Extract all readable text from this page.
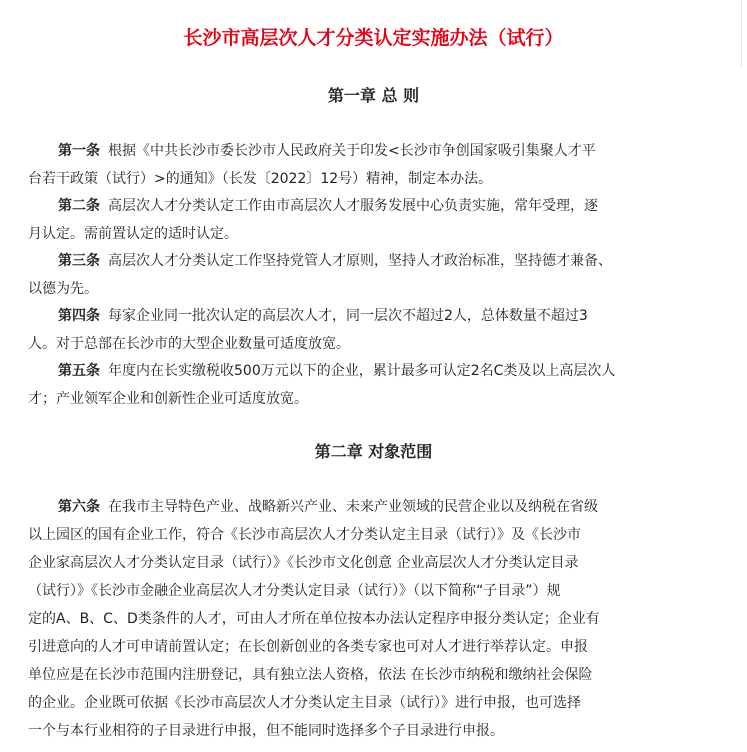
长沙市高层次人才分类认定实施办法（试行）
第一章 总 则
第二章 对象范围
第一条 根据《中共长沙市委长沙市人民政府关于印发<长沙市争创国家吸引集聚人才平
台若干政策（试行）>的通知》（长发〔2022〕12号）精神，制定本办法。
第二条 高层次人才分类认定工作由市高层次人才服务发展中心负责实施，常年受理，逐
月认定。需前置认定的适时认定。
第三条 高层次人才分类认定工作坚持党管人才原则，坚持人才政治标准，坚持德才兼备、
以德为先。
第四条 每家企业同一批次认定的高层次人才，同一层次不超过2人，总体数量不超过3
人。对于总部在长沙市的大型企业数量可适度放宽。
第五条 年度内在长实缴税收500万元以下的企业，累计最多可认定2名C类及以上高层次人
才；产业领军企业和创新性企业可适度放宽。
第六条 在我市主导特色产业、战略新兴产业、未来产业领域的民营企业以及纳税在省级
以上园区的国有企业工作，符合《长沙市高层次人才分类认定主目录（试行）》及《长沙市
企业家高层次人才分类认定目录（试行）》《长沙市文化创意 企业高层次人才分类认定目录
（试行）》《长沙市金融企业高层次人才分类认定目录（试行）》（以下简称“子目录”）规
定的A、B、C、D类条件的人才，可由人才所在单位按本办法认定程序申报分类认定；企业有
引进意向的人才可申请前置认定；在长创新创业的各类专家也可对人才进行举荐认定。申报
单位应是在长沙市范围内注册登记，具有独立法人资格，依法 在长沙市纳税和缴纳社会保险
的企业。企业既可依据《长沙市高层次人才分类认定主目录（试行）》进行申报，也可选择
一个与本行业相符的子目录进行申报，但不能同时选择多个子目录进行申报。
